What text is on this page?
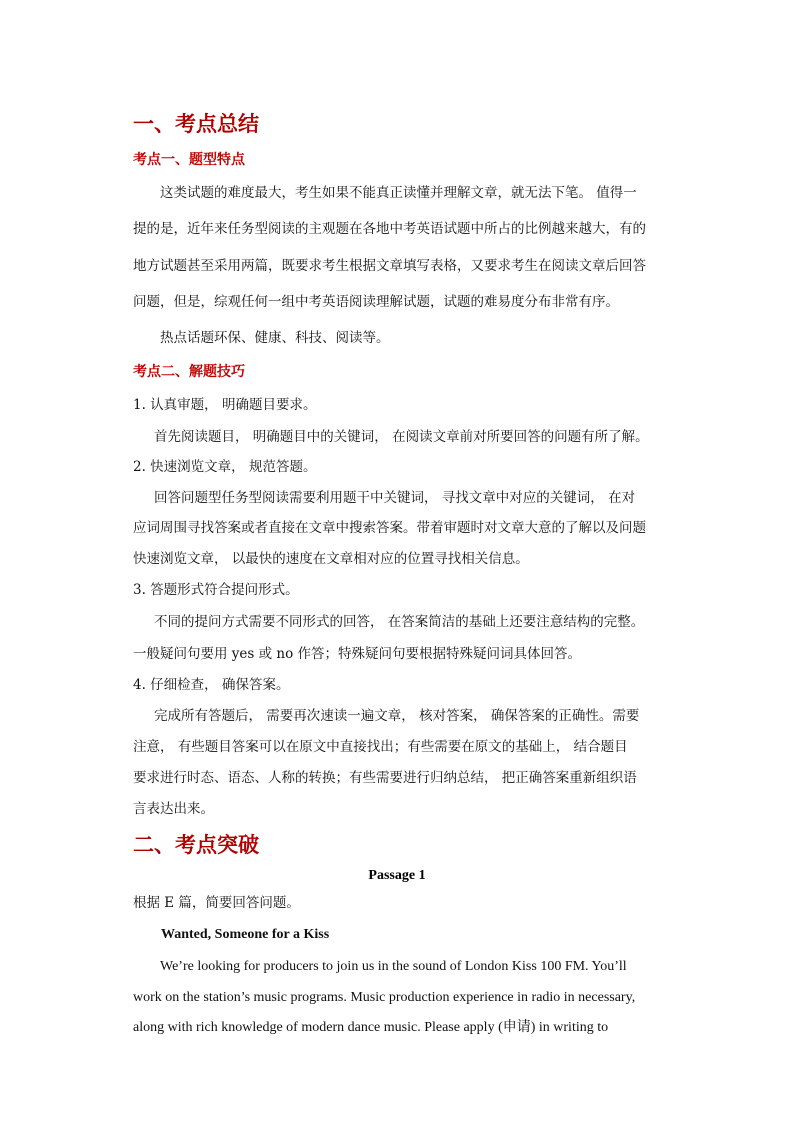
一、考点总结
考点一、题型特点
这类试题的难度最大，考生如果不能真正读懂并理解文章，就无法下笔。 值得一
提的是，近年来任务型阅读的主观题在各地中考英语试题中所占的比例越来越大，有的
地方试题甚至采用两篇，既要求考生根据文章填写表格，又要求考生在阅读文章后回答
问题，但是，综观任何一组中考英语阅读理解试题，试题的难易度分布非常有序。
热点话题环保、健康、科技、阅读等。
考点二、解题技巧
1. 认真审题， 明确题目要求。
首先阅读题目， 明确题目中的关键词， 在阅读文章前对所要回答的问题有所了解。
2. 快速浏览文章， 规范答题。
回答问题型任务型阅读需要利用题干中关键词， 寻找文章中对应的关键词， 在对
应词周围寻找答案或者直接在文章中搜索答案。带着审题时对文章大意的了解以及问题
快速浏览文章， 以最快的速度在文章相对应的位置寻找相关信息。
3. 答题形式符合提问形式。
不同的提问方式需要不同形式的回答， 在答案简洁的基础上还要注意结构的完整。
一般疑问句要用 yes 或 no 作答；特殊疑问句要根据特殊疑问词具体回答。
4. 仔细检查， 确保答案。
完成所有答题后， 需要再次速读一遍文章， 核对答案， 确保答案的正确性。需要
注意， 有些题目答案可以在原文中直接找出；有些需要在原文的基础上， 结合题目
要求进行时态、语态、人称的转换；有些需要进行归纳总结， 把正确答案重新组织语
言表达出来。
二、考点突破
Passage 1
根据 E 篇，简要回答问题。
Wanted, Someone for a Kiss
We’re looking for producers to join us in the sound of London Kiss 100 FM. You’ll
work on the station’s music programs. Music production experience in radio in necessary,
along with rich knowledge of modern dance music. Please apply (申请) in writing to
